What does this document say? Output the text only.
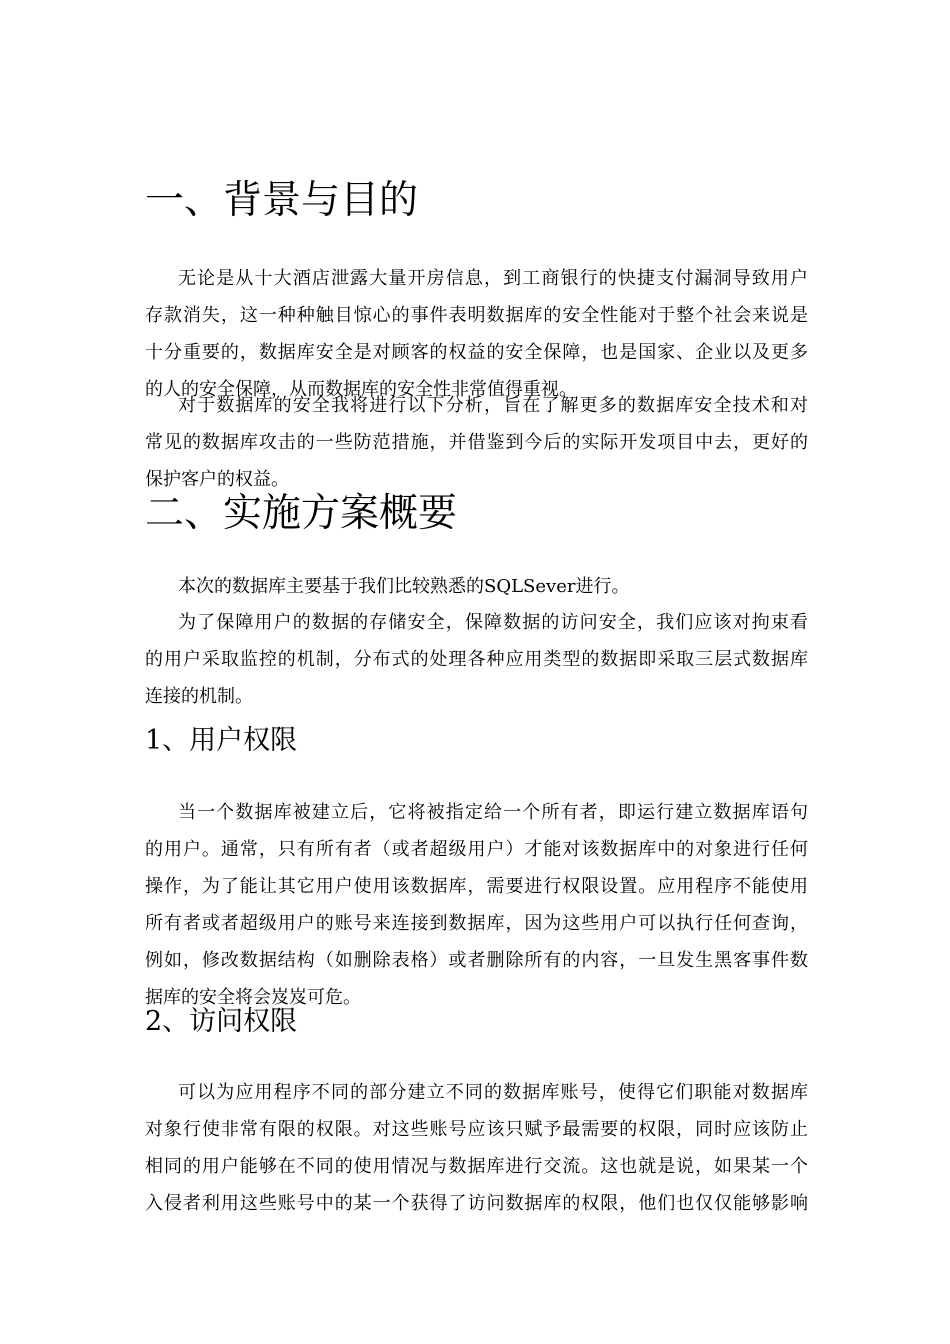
一、背景与目的
无论是从十大酒店泄露大量开房信息，到工商银行的快捷支付漏洞导致用户
存款消失，这一种种触目惊心的事件表明数据库的安全性能对于整个社会来说是
十分重要的，数据库安全是对顾客的权益的安全保障，也是国家、企业以及更多
的人的安全保障，从而数据库的安全性非常值得重视。
对于数据库的安全我将进行以下分析，旨在了解更多的数据库安全技术和对
常见的数据库攻击的一些防范措施，并借鉴到今后的实际开发项目中去，更好的
保护客户的权益。
二、实施方案概要
本次的数据库主要基于我们比较熟悉的SQLSever进行。
为了保障用户的数据的存储安全，保障数据的访问安全，我们应该对拘束看
的用户采取监控的机制，分布式的处理各种应用类型的数据即采取三层式数据库
连接的机制。
1、用户权限
当一个数据库被建立后，它将被指定给一个所有者，即运行建立数据库语句
的用户。通常，只有所有者（或者超级用户）才能对该数据库中的对象进行任何
操作，为了能让其它用户使用该数据库，需要进行权限设置。应用程序不能使用
所有者或者超级用户的账号来连接到数据库，因为这些用户可以执行任何查询，
例如，修改数据结构（如删除表格）或者删除所有的内容，一旦发生黑客事件数
据库的安全将会岌岌可危。
2、访问权限
可以为应用程序不同的部分建立不同的数据库账号，使得它们职能对数据库
对象行使非常有限的权限。对这些账号应该只赋予最需要的权限，同时应该防止
相同的用户能够在不同的使用情况与数据库进行交流。这也就是说，如果某一个
入侵者利用这些账号中的某一个获得了访问数据库的权限，他们也仅仅能够影响
